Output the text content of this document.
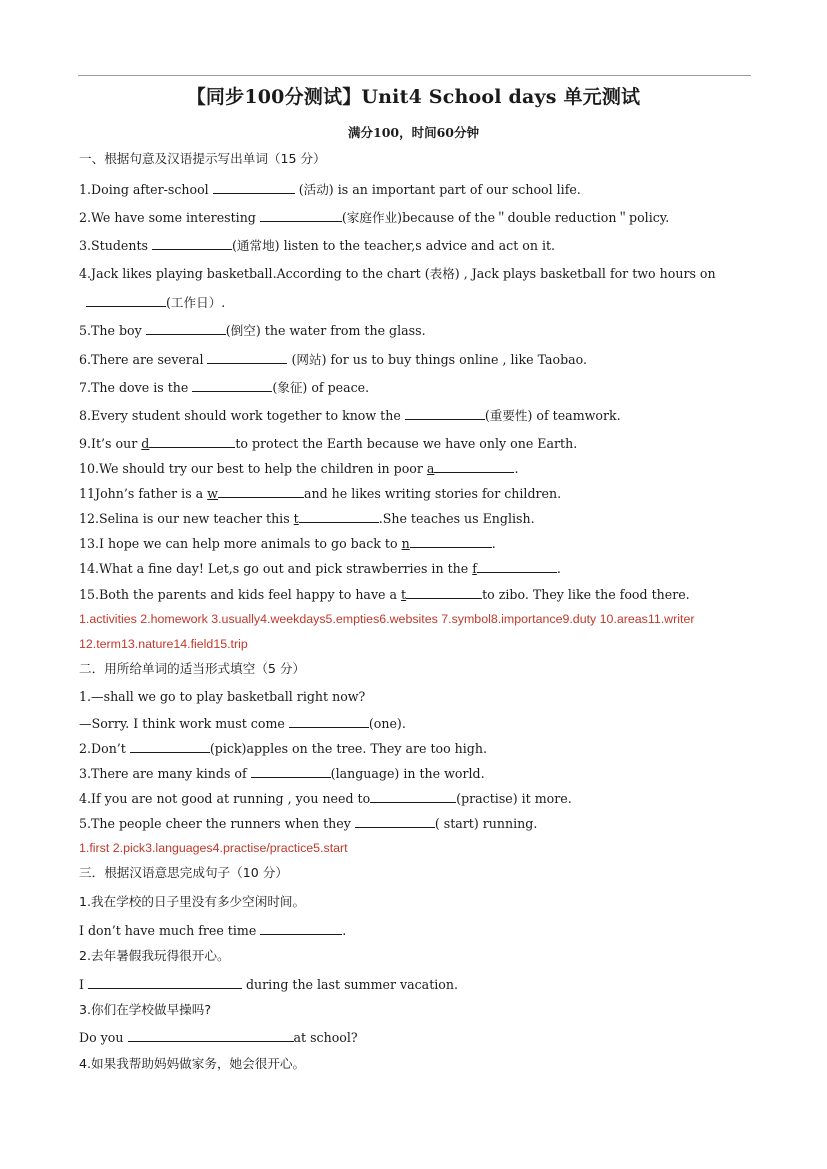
【同步100分测试】Unit4 School days 单元测试
满分100，时间60分钟
一、根据句意及汉语提示写出单词（15 分）
1.Doing after-school	(活动) is an important part of our school life.
2.We have some interesting	(家庭作业)because of the＂double reduction＂policy.
3.Students	(通常地) listen to the teacher,s advice and act on it.
4.Jack likes playing basketball.According to the chart (表格) , Jack plays basketball for two hours on
(工作日）.
5.The boy	(倒空) the water from the glass.
6.There are several	(网站) for us to buy things online , like Taobao.
7.The dove is the	(象征) of peace.
8.Every student should work together to know the	(重要性) of teamwork.
9.It’s our d	to protect the Earth because we have only one Earth.
10.We should try our best to help the children in poor a	.
11John’s father is a w	and he likes writing stories for children.
12.Selina is our new teacher this t	.She teaches us English.
13.I hope we can help more animals to go back to n	.
14.What a fine day! Let,s go out and pick strawberries in the f	.
15.Both the parents and kids feel happy to have a t	to zibo. They like the food there.
1.activities 2.homework 3.usually4.weekdays5.empties6.websites 7.symbol8.importance9.duty 10.areas11.writer
12.term13.nature14.field15.trip
二．用所给单词的适当形式填空（5 分）
1.—shall we go to play basketball right now?
—Sorry. I think work must come	(one).
2.Don’t	(pick)apples on the tree. They are too high.
3.There are many kinds of	(language) in the world.
4.If you are not good at running , you need to	(practise) it more.
5.The people cheer the runners when they	( start) running.
1.first 2.pick3.languages4.practise/practice5.start
三．根据汉语意思完成句子（10 分）
1.我在学校的日子里没有多少空闲时间。
I don’t have much free time	.
2.去年暑假我玩得很开心。
I	during the last summer vacation.
3.你们在学校做早操吗?
Do you	at school?
4.如果我帮助妈妈做家务，她会很开心。
